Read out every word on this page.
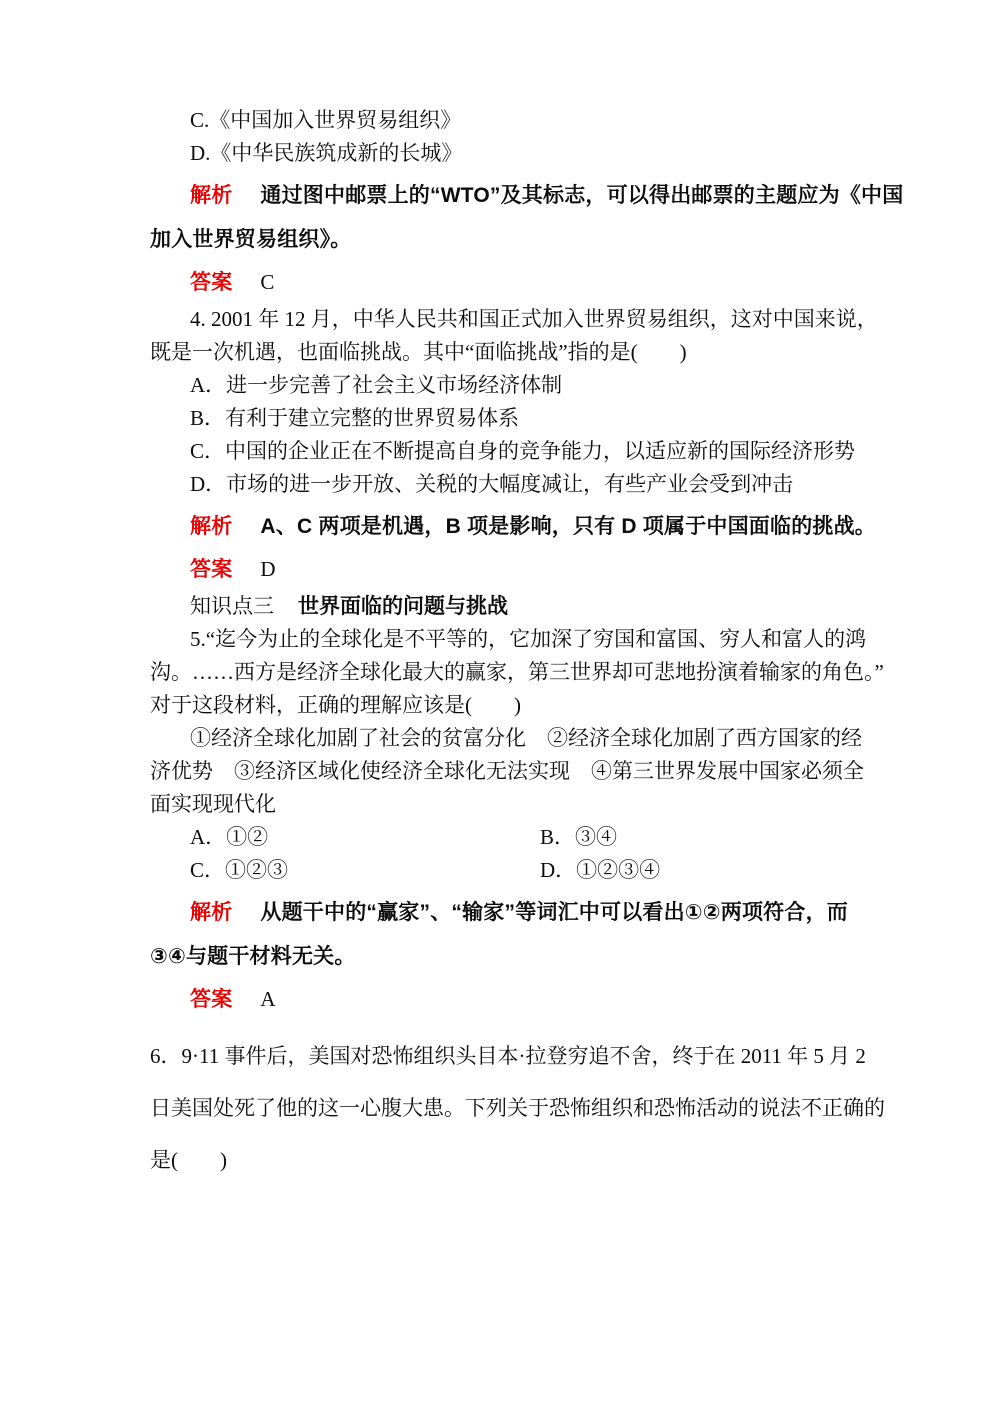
C.《中国加入世界贸易组织》
D.《中华民族筑成新的长城》
解析 通过图中邮票上的“WTO”及其标志，可以得出邮票的主题应为《中国
加入世界贸易组织》。
答案 C
4. 2001 年 12 月，中华人民共和国正式加入世界贸易组织，这对中国来说，
既是一次机遇，也面临挑战。其中“面临挑战”指的是(　　)
A．进一步完善了社会主义市场经济体制
B．有利于建立完整的世界贸易体系
C．中国的企业正在不断提高自身的竞争能力，以适应新的国际经济形势
D．市场的进一步开放、关税的大幅度减让，有些产业会受到冲击
解析 A、C 两项是机遇，B 项是影响，只有 D 项属于中国面临的挑战。
答案 D
知识点三 世界面临的问题与挑战
5.“迄今为止的全球化是不平等的，它加深了穷国和富国、穷人和富人的鸿
沟。……西方是经济全球化最大的赢家，第三世界却可悲地扮演着输家的角色。”
对于这段材料，正确的理解应该是(　　)
①经济全球化加剧了社会的贫富分化　②经济全球化加剧了西方国家的经
济优势　③经济区域化使经济全球化无法实现　④第三世界发展中国家必须全
面实现现代化
A．①②	B．③④
C．①②③	D．①②③④
解析 从题干中的“赢家”、“输家”等词汇中可以看出①②两项符合，而
③④与题干材料无关。
答案 A
6．9·11 事件后，美国对恐怖组织头目本·拉登穷追不舍，终于在 2011 年 5 月 2
日美国处死了他的这一心腹大患。下列关于恐怖组织和恐怖活动的说法不正确的
是(　　)
